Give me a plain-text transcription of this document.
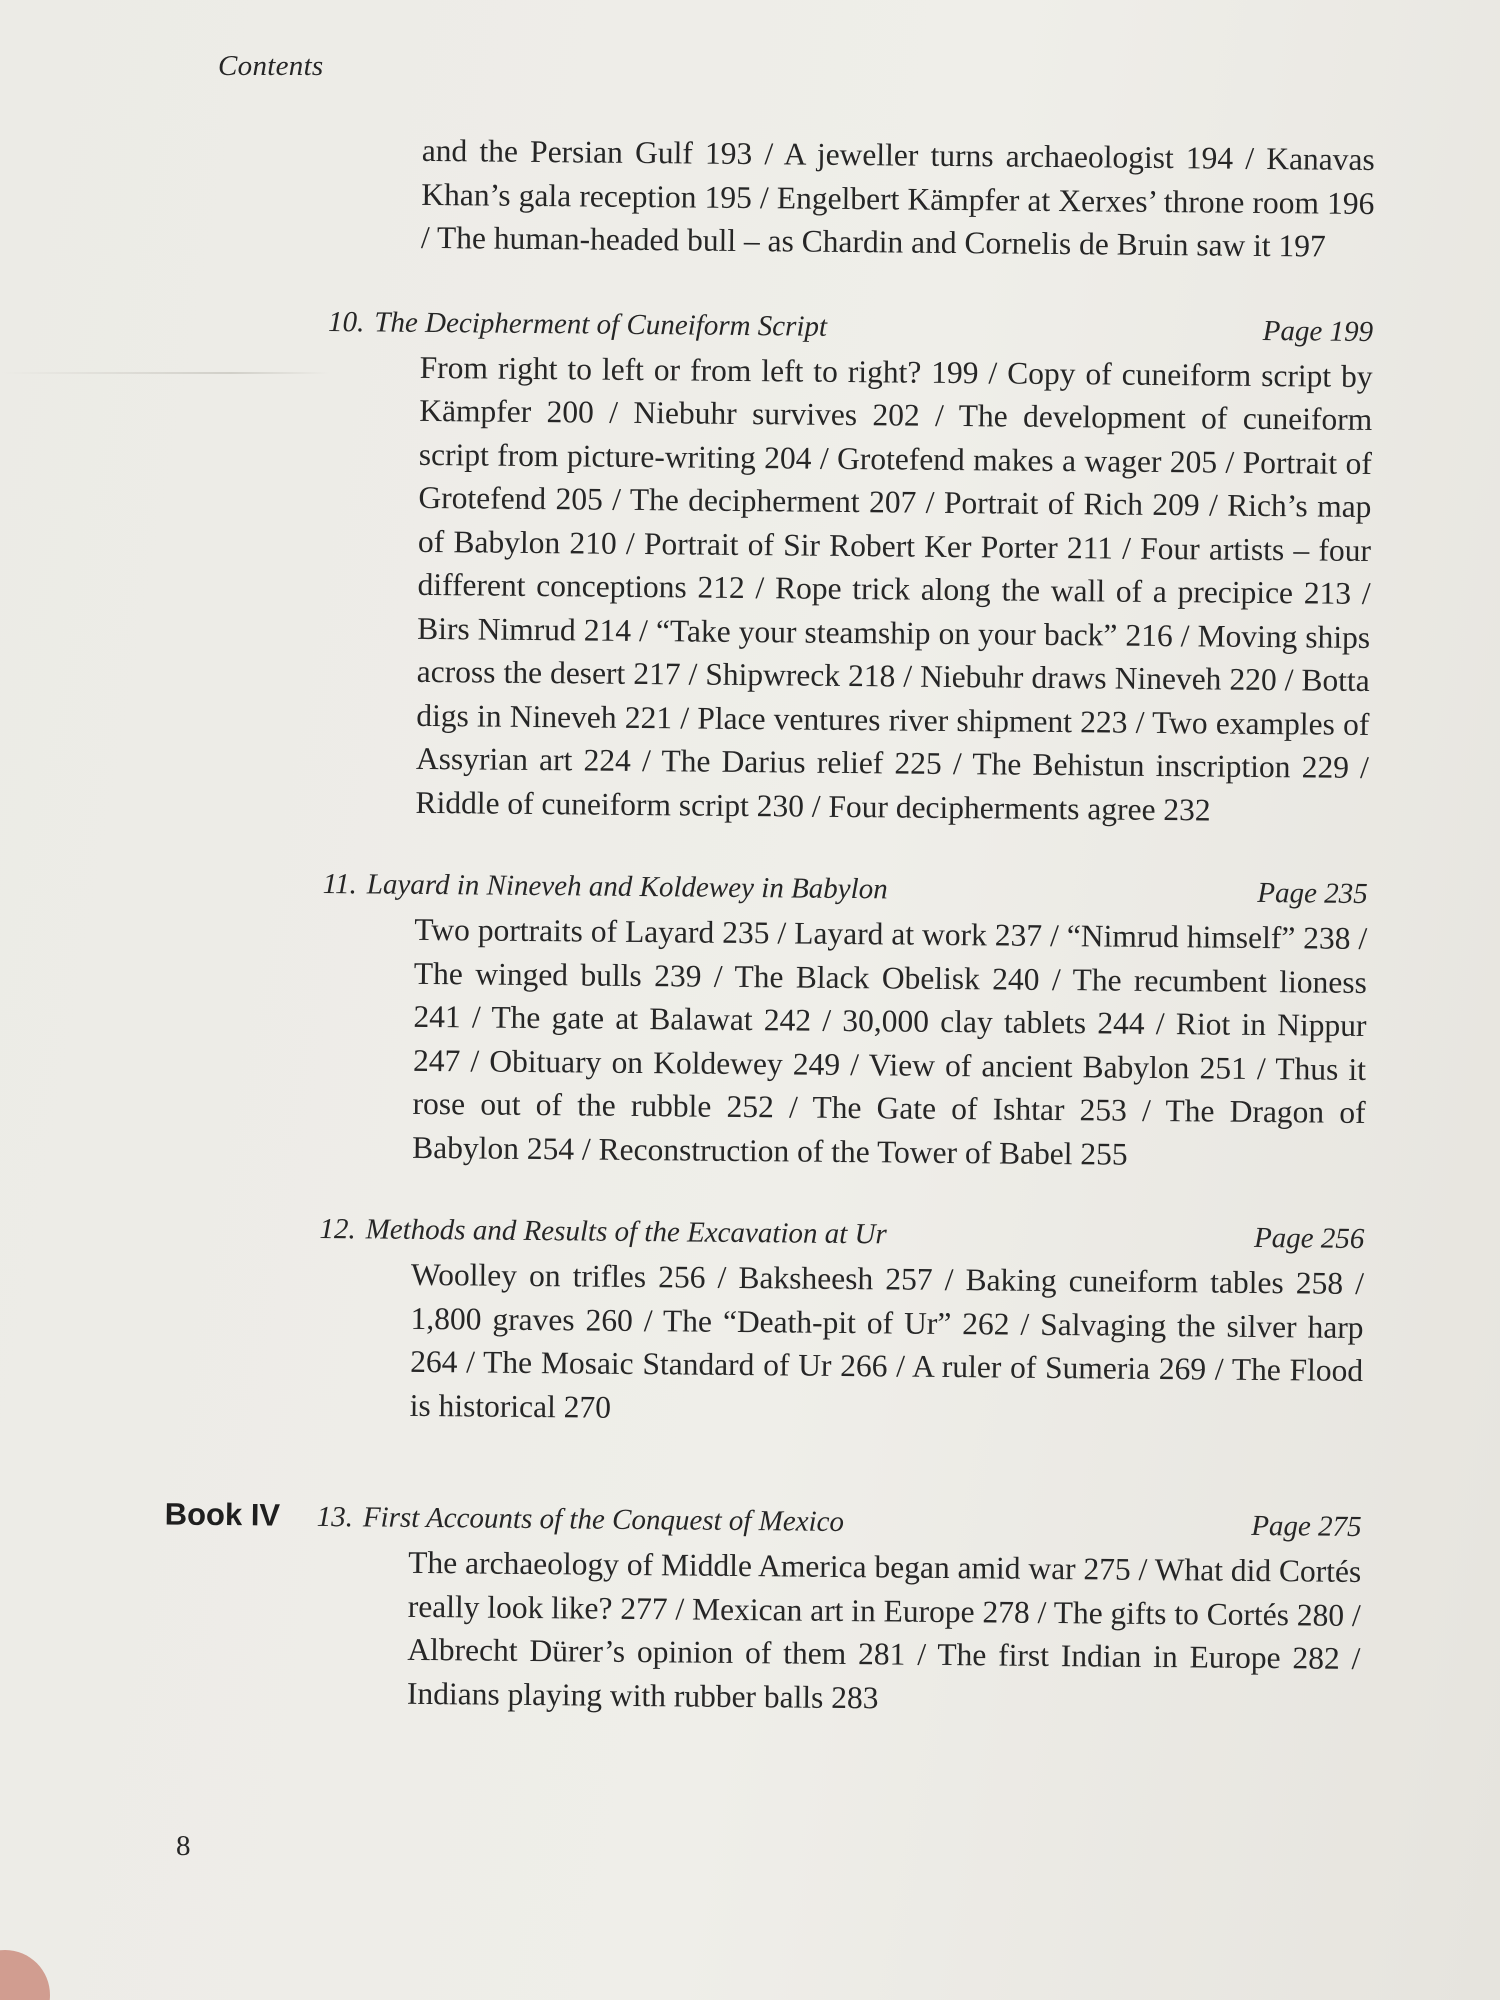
Contents

and the Persian Gulf 193 / A jeweller turns archaeologist 194 / Kanavas Khan’s gala reception 195 / Engelbert Kämpfer at Xerxes’ throne room 196 / The human-headed bull – as Chardin and Cornelis de Bruin saw it 197

10. The Decipherment of Cuneiform Script	Page 199

From right to left or from left to right? 199 / Copy of cuneiform script by Kämpfer 200 / Niebuhr survives 202 / The development of cuneiform script from picture-writing 204 / Grotefend makes a wager 205 / Portrait of Grotefend 205 / The decipherment 207 / Portrait of Rich 209 / Rich’s map of Babylon 210 / Portrait of Sir Robert Ker Porter 211 / Four artists – four different conceptions 212 / Rope trick along the wall of a precipice 213 / Birs Nimrud 214 / “Take your steamship on your back” 216 / Moving ships across the desert 217 / Shipwreck 218 / Niebuhr draws Nineveh 220 / Botta digs in Nineveh 221 / Place ventures river shipment 223 / Two examples of Assyrian art 224 / The Darius relief 225 / The Behistun inscription 229 / Riddle of cuneiform script 230 / Four decipherments agree 232

11. Layard in Nineveh and Koldewey in Babylon	Page 235

Two portraits of Layard 235 / Layard at work 237 / “Nimrud himself” 238 / The winged bulls 239 / The Black Obelisk 240 / The recumbent lioness 241 / The gate at Balawat 242 / 30,000 clay tablets 244 / Riot in Nippur 247 / Obituary on Koldewey 249 / View of ancient Babylon 251 / Thus it rose out of the rubble 252 / The Gate of Ishtar 253 / The Dragon of Babylon 254 / Reconstruction of the Tower of Babel 255

12. Methods and Results of the Excavation at Ur	Page 256

Woolley on trifles 256 / Baksheesh 257 / Baking cuneiform tables 258 / 1,800 graves 260 / The “Death-pit of Ur” 262 / Salvaging the silver harp 264 / The Mosaic Standard of Ur 266 / A ruler of Sumeria 269 / The Flood is historical 270

Book IV 13. First Accounts of the Conquest of Mexico	Page 275

The archaeology of Middle America began amid war 275 / What did Cortés really look like? 277 / Mexican art in Europe 278 / The gifts to Cortés 280 / Albrecht Dürer’s opinion of them 281 / The first Indian in Europe 282 / Indians playing with rubber balls 283

8
